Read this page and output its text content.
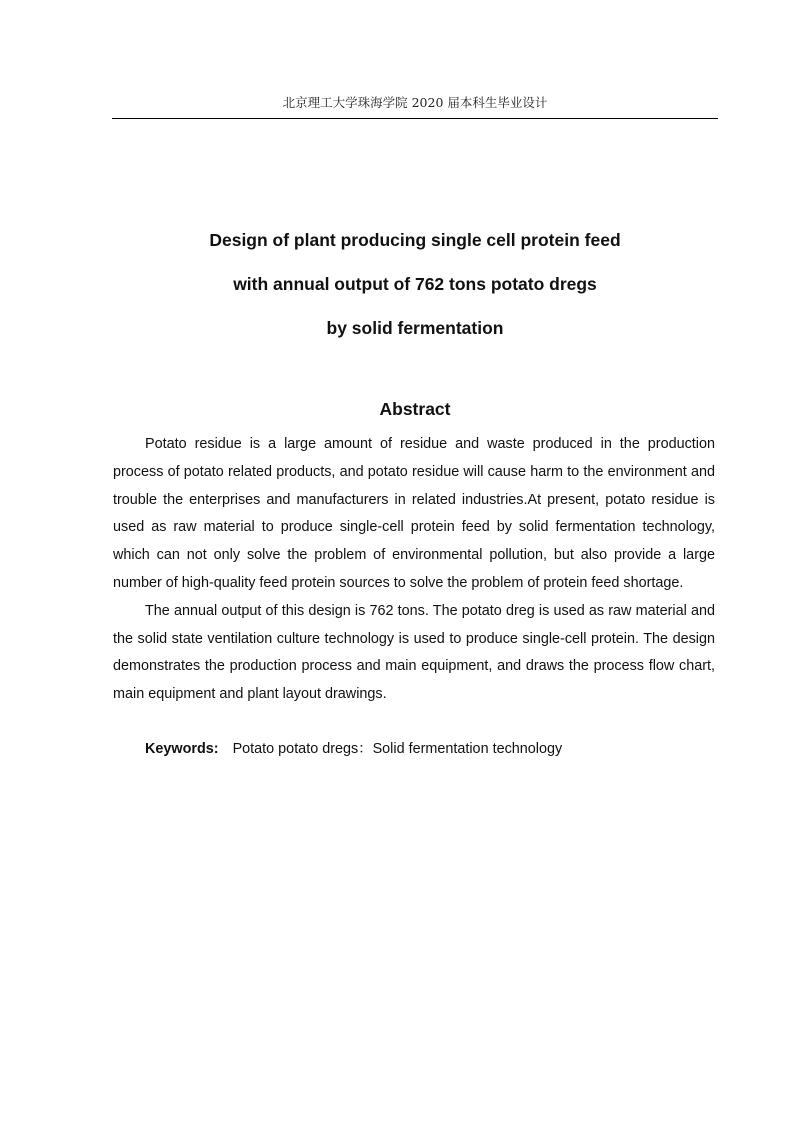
北京理工大学珠海学院 2020 届本科生毕业设计
Design of plant producing single cell protein feed
with annual output of 762 tons potato dregs
by solid fermentation
Abstract

Potato residue is a large amount of residue and waste produced in the production process of potato related products, and potato residue will cause harm to the environment and trouble the enterprises and manufacturers in related industries.At present, potato residue is used as raw material to produce single-cell protein feed by solid fermentation technology, which can not only solve the problem of environmental pollution, but also provide a large number of high-quality feed protein sources to solve the problem of protein feed shortage.

The annual output of this design is 762 tons. The potato dreg is used as raw material and the solid state ventilation culture technology is used to produce single-cell protein. The design demonstrates the production process and main equipment, and draws the process flow chart, main equipment and plant layout drawings.

Keywords: Potato potato dregs：Solid fermentation technology
